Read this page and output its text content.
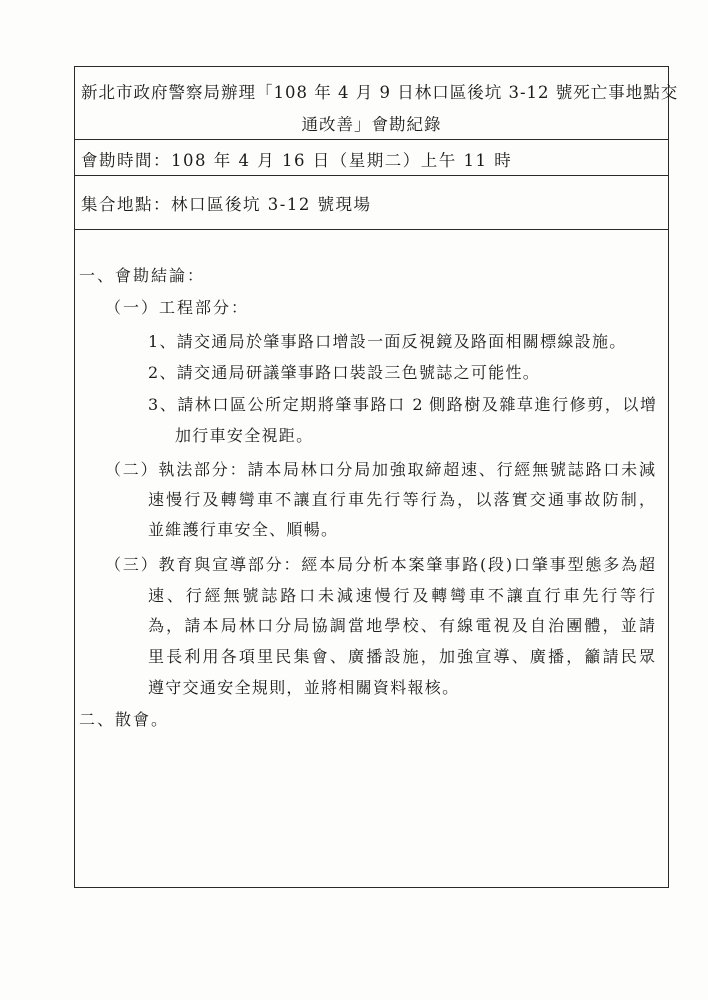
新北市政府警察局辦理「108 年 4 月 9 日林口區後坑 3-12 號死亡事地點交
通改善」會勘紀錄
會勘時間：108 年 4 月 16 日（星期二）上午 11 時
集合地點：林口區後坑 3-12 號現場
一、會勘結論：
（一）工程部分：
1、請交通局於肇事路口增設一面反視鏡及路面相關標線設施。
2、請交通局研議肇事路口裝設三色號誌之可能性。
3、請林口區公所定期將肇事路口 2 側路樹及雜草進行修剪，以增
加行車安全視距。
（二）執法部分：請本局林口分局加強取締超速、行經無號誌路口未減
速慢行及轉彎車不讓直行車先行等行為，以落實交通事故防制，
並維護行車安全、順暢。
（三）教育與宣導部分：經本局分析本案肇事路(段)口肇事型態多為超
速、行經無號誌路口未減速慢行及轉彎車不讓直行車先行等行
為，請本局林口分局協調當地學校、有線電視及自治團體，並請
里長利用各項里民集會、廣播設施，加強宣導、廣播，籲請民眾
遵守交通安全規則，並將相關資料報核。
二、散會。
